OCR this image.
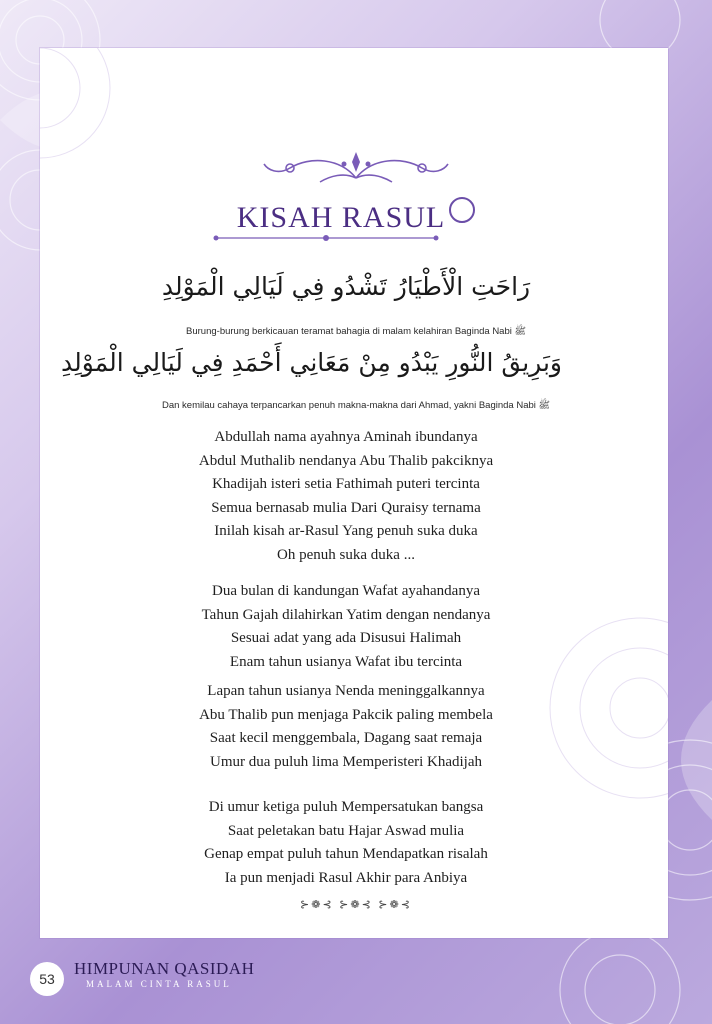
KISAH RASUL
رَاحَتِ الْأَطْيَارُ تَشْدُو فِي لَيَالِي الْمَوْلِدِ
Burung-burung berkicauan teramat bahagia di malam kelahiran Baginda Nabi ﷺ
وَبَرِيقُ النُّورِ يَبْدُو مِنْ مَعَانِي أَحْمَدِ فِي لَيَالِي الْمَوْلِدِ
Dan kemilau cahaya terpancarkan penuh makna-makna dari Ahmad, yakni Baginda Nabi ﷺ
Abdullah nama ayahnya Aminah ibundanya
Abdul Muthalib nendanya Abu Thalib pakciknya
Khadijah isteri setia Fathimah puteri tercinta
Semua bernasab mulia Dari Quraisy ternama
Inilah kisah ar-Rasul Yang penuh suka duka
Oh penuh suka duka ...
Dua bulan di kandungan Wafat ayahandanya
Tahun Gajah dilahirkan Yatim dengan nendanya
Sesuai adat yang ada Disusui Halimah
Enam tahun usianya Wafat ibu tercinta
Lapan tahun usianya Nenda meninggalkannya
Abu Thalib pun menjaga Pakcik paling membela
Saat kecil menggembala, Dagang saat remaja
Umur dua puluh lima Memperisteri Khadijah
Di umur ketiga puluh Mempersatukan bangsa
Saat peletakan batu Hajar Aswad mulia
Genap empat puluh tahun Mendapatkan risalah
Ia pun menjadi Rasul Akhir para Anbiya
⊱❁⊰ ⊱❁⊰ ⊱❁⊰
53
HIMPUNAN QASIDAH
MALAM CINTA RASUL
